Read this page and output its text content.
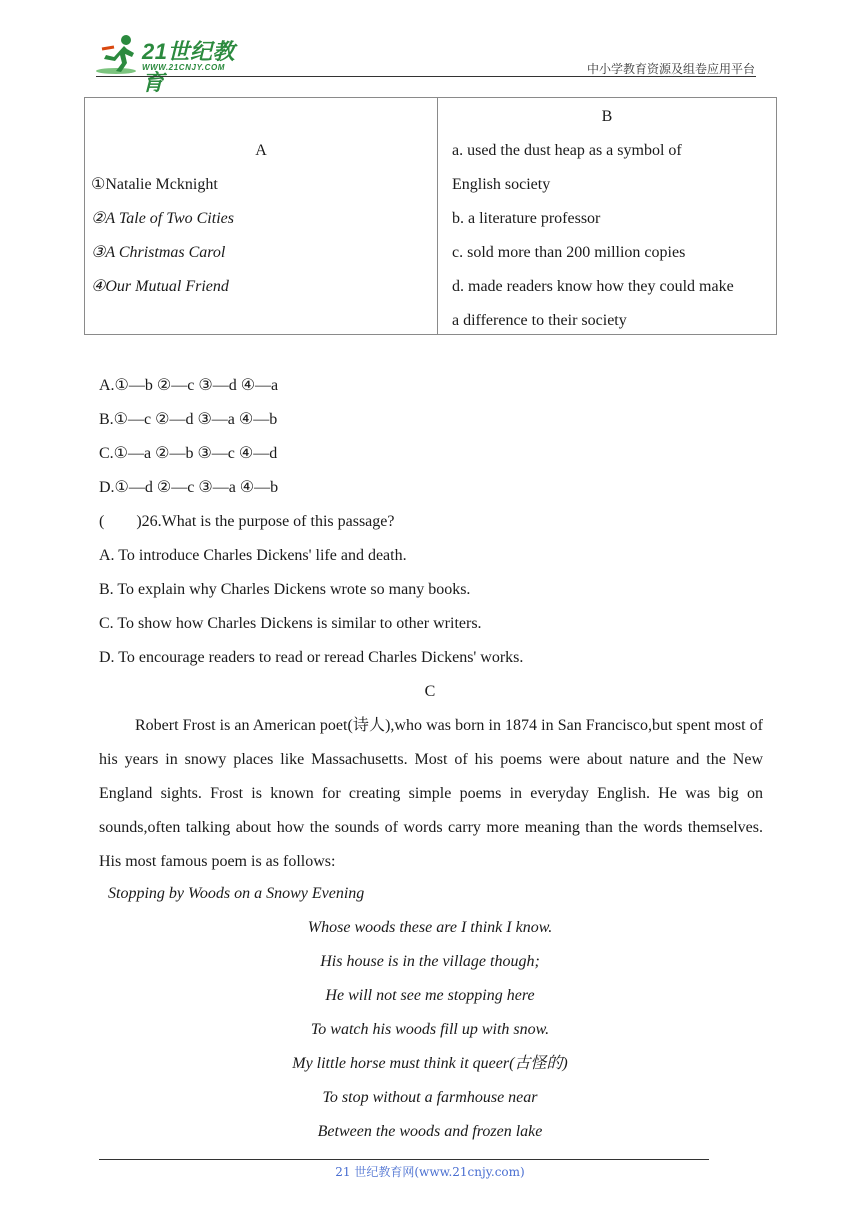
21世纪教育
WWW.21CNJY.COM	中小学教育资源及组卷应用平台
A
①Natalie Mcknight
②A Tale of Two Cities
③A Christmas Carol
④Our Mutual Friend
B
a. used the dust heap as a symbol of
English society
b. a literature professor
c. sold more than 200 million copies
d. made readers know how they could make
a difference to their society
A.①—b ②—c ③—d ④—a
B.①—c ②—d ③—a ④—b
C.①—a ②—b ③—c ④—d
D.①—d ②—c ③—a ④—b
(　　)26.What is the purpose of this passage?
A. To introduce Charles Dickens' life and death.
B. To explain why Charles Dickens wrote so many books.
C. To show how Charles Dickens is similar to other writers.
D. To encourage readers to read or reread Charles Dickens' works.
C
Robert Frost is an American poet(诗人),who was born in 1874 in San Francisco,but spent most of his years in snowy places like Massachusetts. Most of his poems were about nature and the New England sights. Frost is known for creating simple poems in everyday English. He was big on sounds,often talking about how the sounds of words carry more meaning than the words themselves. His most famous poem is as follows:
Stopping by Woods on a Snowy Evening
Whose woods these are I think I know.
His house is in the village though;
He will not see me stopping here
To watch his woods fill up with snow.
My little horse must think it queer(古怪的)
To stop without a farmhouse near
Between the woods and frozen lake
21 世纪教育网(www.21cnjy.com)
